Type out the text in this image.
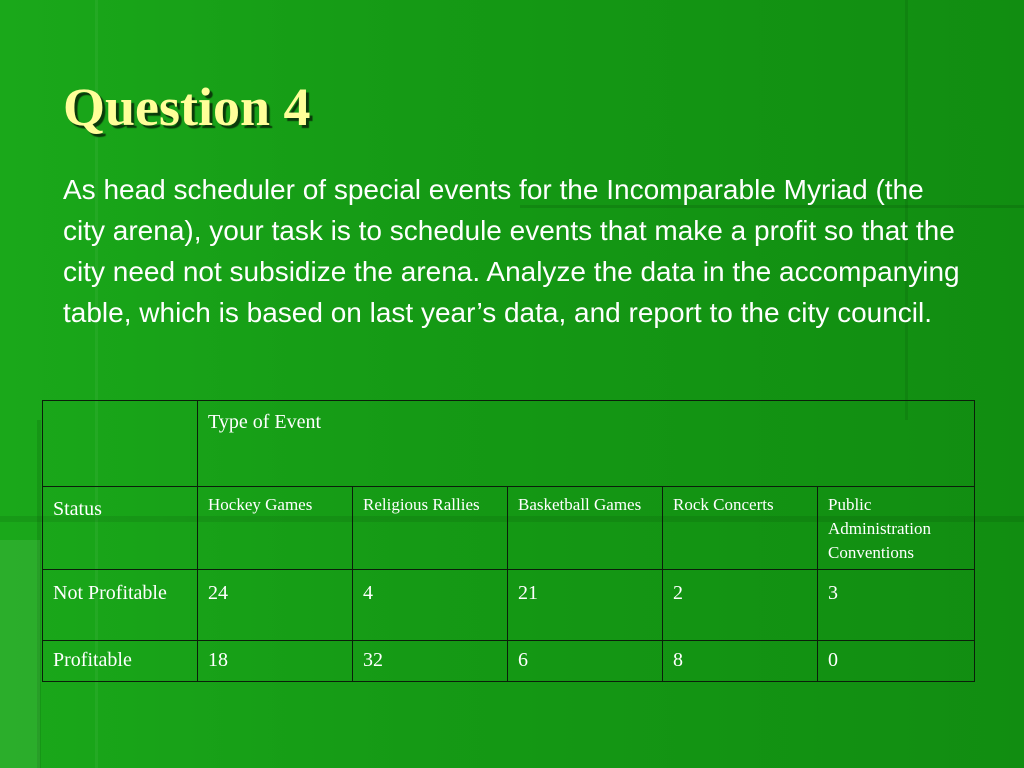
Question 4

As head scheduler of special events for the Incomparable Myriad (the city arena), your task is to schedule events that make a profit so that the city need not subsidize the arena. Analyze the data in the accompanying table, which is based on last year’s data, and report to the city council.

	Type of Event				
Status	Hockey Games	Religious Rallies	Basketball Games	Rock Concerts	Public Administration Conventions
Not Profitable	24	4	21	2	3
Profitable	18	32	6	8	0
